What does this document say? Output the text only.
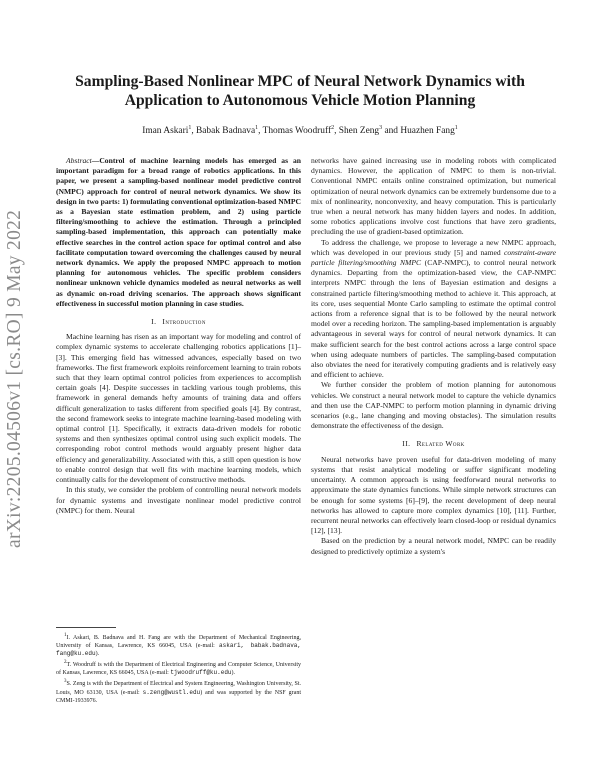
arXiv:2205.04506v1 [cs.RO] 9 May 2022
Sampling-Based Nonlinear MPC of Neural Network Dynamics with Application to Autonomous Vehicle Motion Planning
Iman Askari$^1$, Babak Badnava$^1$, Thomas Woodruff$^2$, Shen Zeng$^3$ and Huazhen Fang$^1$

Abstract—Control of machine learning models has emerged as an important paradigm for a broad range of robotics applications. In this paper, we present a sampling-based nonlinear model predictive control (NMPC) approach for control of neural network dynamics. We show its design in two parts: 1) formulating conventional optimization-based NMPC as a Bayesian state estimation problem, and 2) using particle filtering/smoothing to achieve the estimation. Through a principled sampling-based implementation, this approach can potentially make effective searches in the control action space for optimal control and also facilitate computation toward overcoming the challenges caused by neural network dynamics. We apply the proposed NMPC approach to motion planning for autonomous vehicles. The specific problem considers nonlinear unknown vehicle dynamics modeled as neural networks as well as dynamic on-road driving scenarios. The approach shows significant effectiveness in successful motion planning in case studies.

I. Introduction

Machine learning has risen as an important way for modeling and control of complex dynamic systems to accelerate challenging robotics applications [1]–[3]. This emerging field has witnessed advances, especially based on two frameworks. The first framework exploits reinforcement learning to train robots such that they learn optimal control policies from experiences to accomplish certain goals [4]. Despite successes in tackling various tough problems, this framework in general demands hefty amounts of training data and offers difficult generalization to tasks different from specified goals [4]. By contrast, the second framework seeks to integrate machine learning-based modeling with optimal control [1]. Specifically, it extracts data-driven models for robotic systems and then synthesizes optimal control using such explicit models. The corresponding robot control methods would arguably present higher data efficiency and generalizability. Associated with this, a still open question is how to enable control design that well fits with machine learning models, which continually calls for the development of constructive methods.

In this study, we consider the problem of controlling neural network models for dynamic systems and investigate nonlinear model predictive control (NMPC) for them. Neural

networks have gained increasing use in modeling robots with complicated dynamics. However, the application of NMPC to them is non-trivial. Conventional NMPC entails online constrained optimization, but numerical optimization of neural network dynamics can be extremely burdensome due to a mix of nonlinearity, nonconvexity, and heavy computation. This is particularly true when a neural network has many hidden layers and nodes. In addition, some robotics applications involve cost functions that have zero gradients, precluding the use of gradient-based optimization.

To address the challenge, we propose to leverage a new NMPC approach, which was developed in our previous study [5] and named constraint-aware particle filtering/smoothing NMPC (CAP-NMPC), to control neural network dynamics. Departing from the optimization-based view, the CAP-NMPC interprets NMPC through the lens of Bayesian estimation and designs a constrained particle filtering/smoothing method to achieve it. This approach, at its core, uses sequential Monte Carlo sampling to estimate the optimal control actions from a reference signal that is to be followed by the neural network model over a receding horizon. The sampling-based implementation is arguably advantageous in several ways for control of neural network dynamics. It can make sufficient search for the best control actions across a large control space when using adequate numbers of particles. The sampling-based computation also obviates the need for iteratively computing gradients and is relatively easy and efficient to achieve.

We further consider the problem of motion planning for autonomous vehicles. We construct a neural network model to capture the vehicle dynamics and then use the CAP-NMPC to perform motion planning in dynamic driving scenarios (e.g., lane changing and moving obstacles). The simulation results demonstrate the effectiveness of the design.

II. Related Work

Neural networks have proven useful for data-driven modeling of many systems that resist analytical modeling or suffer significant modeling uncertainty. A common approach is using feedforward neural networks to approximate the state dynamics functions. While simple network structures can be enough for some systems [6]–[9], the recent development of deep neural networks has allowed to capture more complex dynamics [10], [11]. Further, recurrent neural networks can effectively learn closed-loop or residual dynamics [12], [13].

Based on the prediction by a neural network model, NMPC can be readily designed to predictively optimize a system's

$^1$I. Askari, B. Badnava and H. Fang are with the Department of Mechanical Engineering, University of Kansas, Lawrence, KS 66045, USA (e-mail: askari, babak.badnava, fang@ku.edu).

$^2$T. Woodruff is with the Department of Electrical Engineering and Computer Science, University of Kansas, Lawrence, KS 66045, USA (e-mail: tjwoodruff@ku.edu).

$^3$S. Zeng is with the Department of Electrical and System Engineering, Washington University, St. Louis, MO 63130, USA (e-mail: s.zeng@wustl.edu) and was supported by the NSF grant CMMI-1933976.
